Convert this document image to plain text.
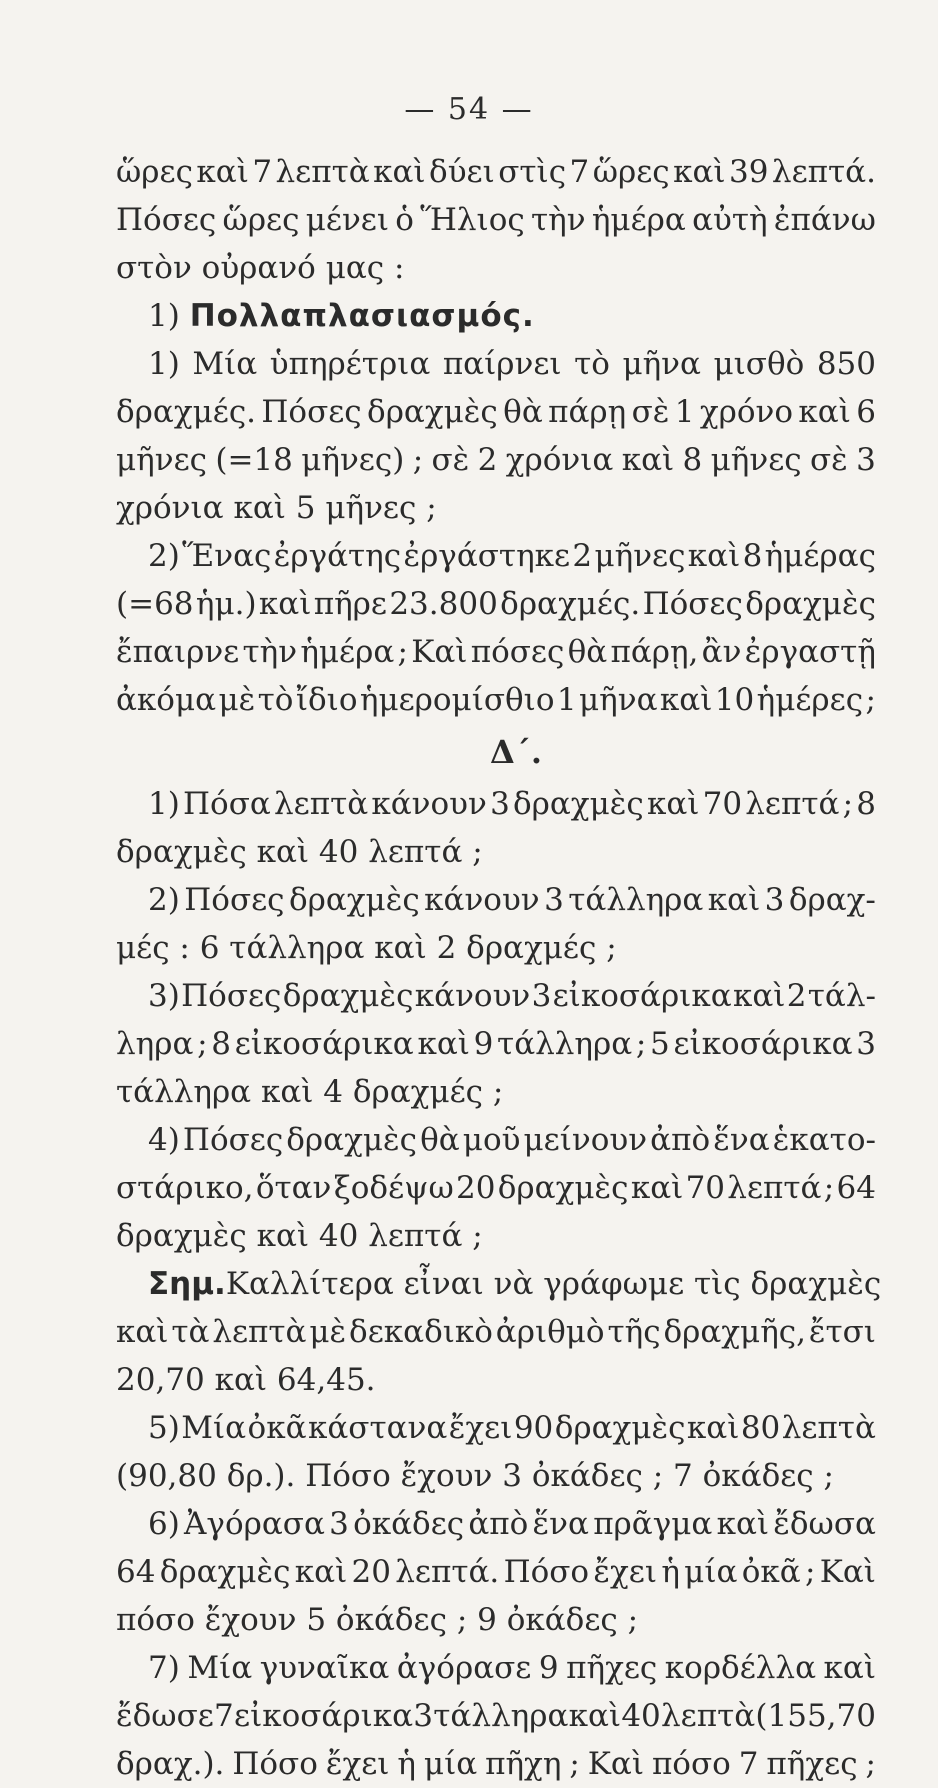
— 54 —
ὥρες καὶ 7 λεπτὰ καὶ δύει στὶς 7 ὥρες καὶ 39 λεπτά.
Πόσες ὥρες μένει ὁ Ἥλιος τὴν ἡμέρα αὐτὴ ἐπάνω
στὸν οὐρανό μας :
1) Πολλαπλασιασμός.
1) Μία ὑπηρέτρια παίρνει τὸ μῆνα μισθὸ 850
δραχμές. Πόσες δραχμὲς θὰ πάρῃ σὲ 1 χρόνο καὶ 6
μῆνες (=18 μῆνες) ; σὲ 2 χρόνια καὶ 8 μῆνες σὲ 3
χρόνια καὶ 5 μῆνες ;
2) Ἕνας ἐργάτης ἐργάστηκε 2 μῆνες καὶ 8 ἡμέρας
(=68 ἡμ.) καὶ πῆρε 23.800 δραχμές. Πόσες δραχμὲς
ἔπαιρνε τὴν ἡμέρα ; Καὶ πόσες θὰ πάρῃ, ἂν ἐργαστῇ
ἀκόμα μὲ τὸ ἴδιο ἡμερομίσθιο 1 μῆνα καὶ 10 ἡμέρες ;
Δ΄.
1) Πόσα λεπτὰ κάνουν 3 δραχμὲς καὶ 70 λεπτά ; 8
δραχμὲς καὶ 40 λεπτά ;
2) Πόσες δραχμὲς κάνουν 3 τάλληρα καὶ 3 δραχ-
μές : 6 τάλληρα καὶ 2 δραχμές ;
3) Πόσες δραχμὲς κάνουν 3 εἰκοσάρικα καὶ 2 τάλ-
ληρα ; 8 εἰκοσάρικα καὶ 9 τάλληρα ; 5 εἰκοσάρικα 3
τάλληρα καὶ 4 δραχμές ;
4) Πόσες δραχμὲς θὰ μοῦ μείνουν ἀπὸ ἕνα ἑκατο-
στάρικο, ὅταν ξοδέψω 20 δραχμὲς καὶ 70 λεπτά ; 64
δραχμὲς καὶ 40 λεπτά ;
Σημ. Καλλίτερα εἶναι νὰ γράφωμε τὶς δραχμὲς
καὶ τὰ λεπτὰ μὲ δεκαδικὸ ἀριθμὸ τῆς δραχμῆς, ἔτσι
20,70 καὶ 64,45.
5) Μία ὀκᾶ κάστανα ἔχει 90 δραχμὲς καὶ 80 λεπτὰ
(90,80 δρ.). Πόσο ἔχουν 3 ὀκάδες ; 7 ὀκάδες ;
6) Ἀγόρασα 3 ὀκάδες ἀπὸ ἕνα πρᾶγμα καὶ ἔδωσα
64 δραχμὲς καὶ 20 λεπτά. Πόσο ἔχει ἡ μία ὀκᾶ ; Καὶ
πόσο ἔχουν 5 ὀκάδες ; 9 ὀκάδες ;
7) Μία γυναῖκα ἀγόρασε 9 πῆχες κορδέλλα καὶ
ἔδωσε 7 εἰκοσάρικα 3 τάλληρα καὶ 40 λεπτὰ (155,70
δραχ.). Πόσο ἔχει ἡ μία πῆχη ; Καὶ πόσο 7 πῆχες ;
